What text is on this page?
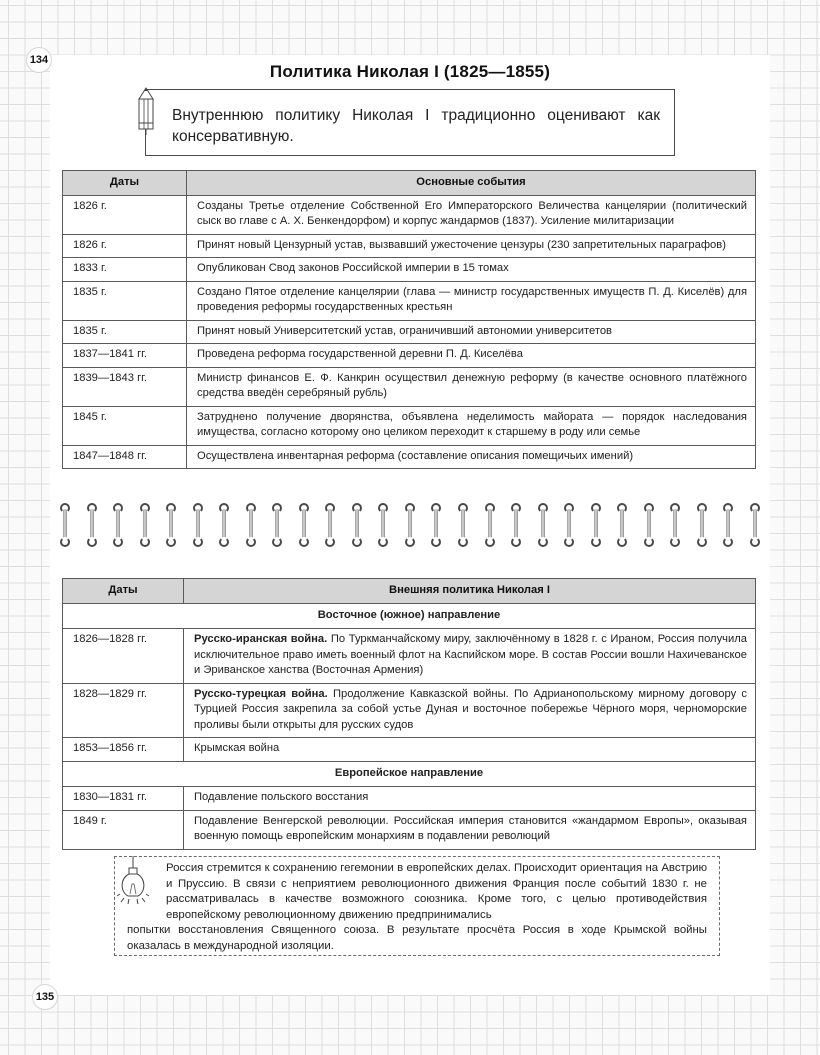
134
Политика Николая I (1825—1855)
Внутреннюю политику Николая I традиционно оценивают как консервативную.
Даты	Основные события
1826 г.	Созданы Третье отделение Собственной Его Императорского Величества канцелярии (политический сыск во главе с А. Х. Бенкендорфом) и корпус жандармов (1837). Усиление милитаризации
1826 г.	Принят новый Цензурный устав, вызвавший ужесточение цензуры (230 запретительных параграфов)
1833 г.	Опубликован Свод законов Российской империи в 15 томах
1835 г.	Создано Пятое отделение канцелярии (глава — министр государственных имуществ П. Д. Киселёв) для проведения реформы государственных крестьян
1835 г.	Принят новый Университетский устав, ограничивший автономии университетов
1837—1841 гг.	Проведена реформа государственной деревни П. Д. Киселёва
1839—1843 гг.	Министр финансов Е. Ф. Канкрин осуществил денежную реформу (в качестве основного платёжного средства введён серебряный рубль)
1845 г.	Затруднено получение дворянства, объявлена неделимость майората — порядок наследования имущества, согласно которому оно целиком переходит к старшему в роду или семье
1847—1848 гг.	Осуществлена инвентарная реформа (составление описания помещичьих имений)
Даты	Внешняя политика Николая I
Восточное (южное) направление	
1826—1828 гг.	Русско-иранская война. По Туркманчайскому миру, заключённому в 1828 г. с Ираном, Россия получила исключительное право иметь военный флот на Каспийском море. В состав России вошли Нахичеванское и Эриванское ханства (Восточная Армения)
1828—1829 гг.	Русско-турецкая война. Продолжение Кавказской войны. По Адрианопольскому мирному договору с Турцией Россия закрепила за собой устье Дуная и восточное побережье Чёрного моря, черноморские проливы были открыты для русских судов
1853—1856 гг.	Крымская война
Европейское направление	
1830—1831 гг.	Подавление польского восстания
1849 г.	Подавление Венгерской революции. Российская империя становится «жандармом Европы», оказывая военную помощь европейским монархиям в подавлении революций
Россия стремится к сохранению гегемонии в европейских делах. Происходит ориентация на Австрию и Пруссию. В связи с неприятием революционного движения Франция после событий 1830 г. не рассматривалась в качестве возможного союзника. Кроме того, с целью противодействия европейскому революционному движению предпринимались
попытки восстановления Священного союза. В результате просчёта Россия в ходе Крымской войны оказалась в международной изоляции.
135
